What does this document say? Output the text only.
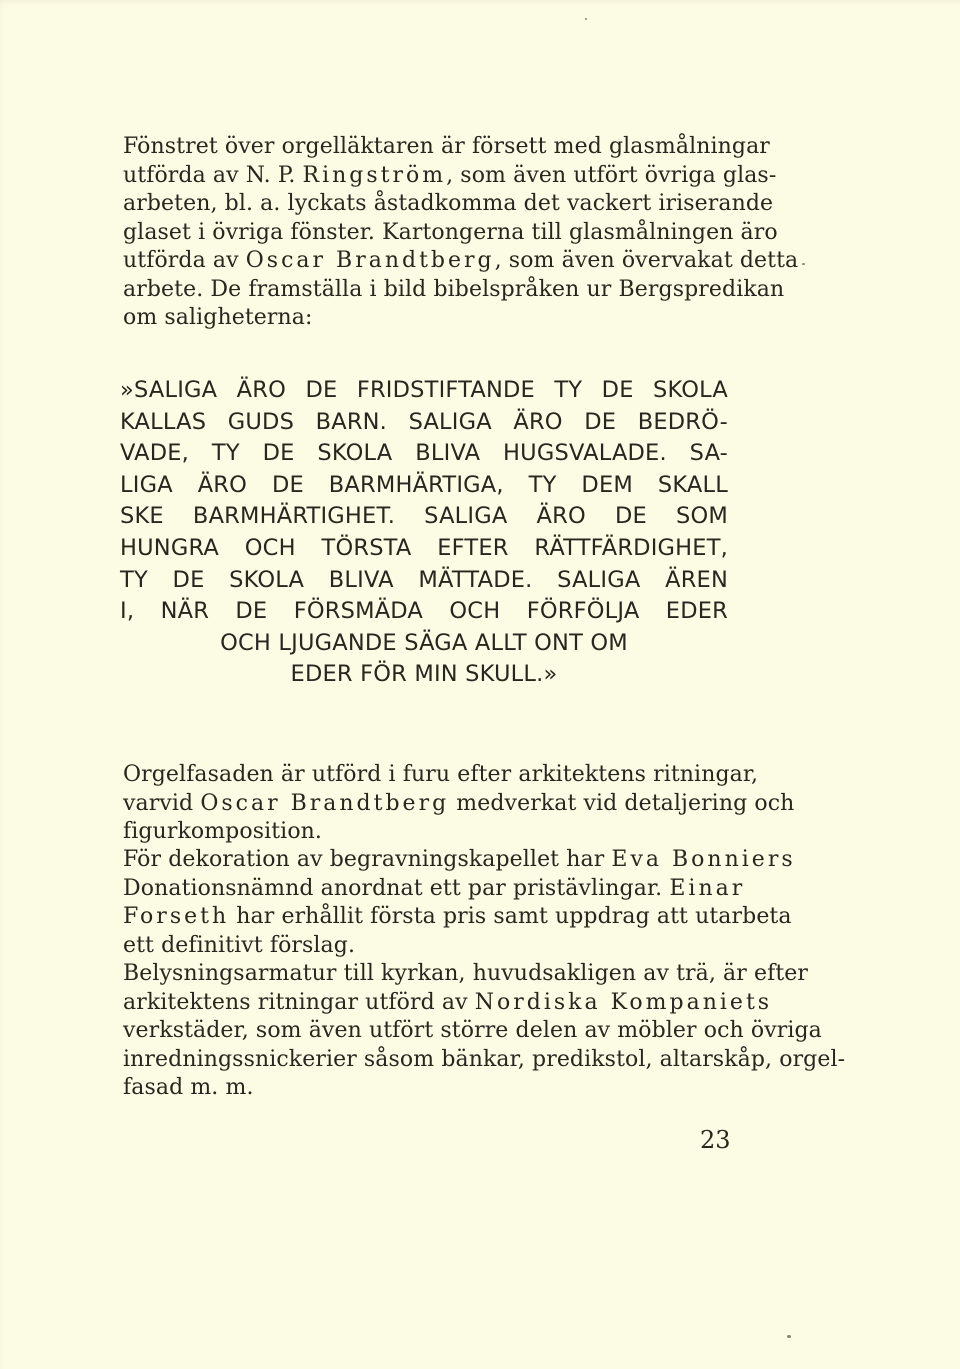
Fönstret över orgelläktaren är försett med glasmålningar
utförda av N. P. Ringström, som även utfört övriga glas-
arbeten, bl. a. lyckats åstadkomma det vackert iriserande
glaset i övriga fönster. Kartongerna till glasmålningen äro
utförda av Oscar Brandtberg, som även övervakat detta
arbete. De framställa i bild bibelspråken ur Bergspredikan
om saligheterna:
»SALIGA ÄRO DE FRIDSTIFTANDE TY DE SKOLA
KALLAS GUDS BARN. SALIGA ÄRO DE BEDRÖ-
VADE, TY DE SKOLA BLIVA HUGSVALADE. SA-
LIGA ÄRO DE BARMHÄRTIGA, TY DEM SKALL
SKE BARMHÄRTIGHET. SALIGA ÄRO DE SOM
HUNGRA OCH TÖRSTA EFTER RÄTTFÄRDIGHET,
TY DE SKOLA BLIVA MÄTTADE. SALIGA ÄREN
I, NÄR DE FÖRSMÄDA OCH FÖRFÖLJA EDER
OCH LJUGANDE SÄGA ALLT ONT OM
EDER FÖR MIN SKULL.»
Orgelfasaden är utförd i furu efter arkitektens ritningar,
varvid Oscar Brandtberg medverkat vid detaljering och
figurkomposition.
För dekoration av begravningskapellet har Eva Bonniers
Donationsnämnd anordnat ett par pristävlingar. Einar
Forseth har erhållit första pris samt uppdrag att utarbeta
ett definitivt förslag.
Belysningsarmatur till kyrkan, huvudsakligen av trä, är efter
arkitektens ritningar utförd av Nordiska Kompaniets
verkstäder, som även utfört större delen av möbler och övriga
inredningssnickerier såsom bänkar, predikstol, altarskåp, orgel-
fasad m. m.
23
